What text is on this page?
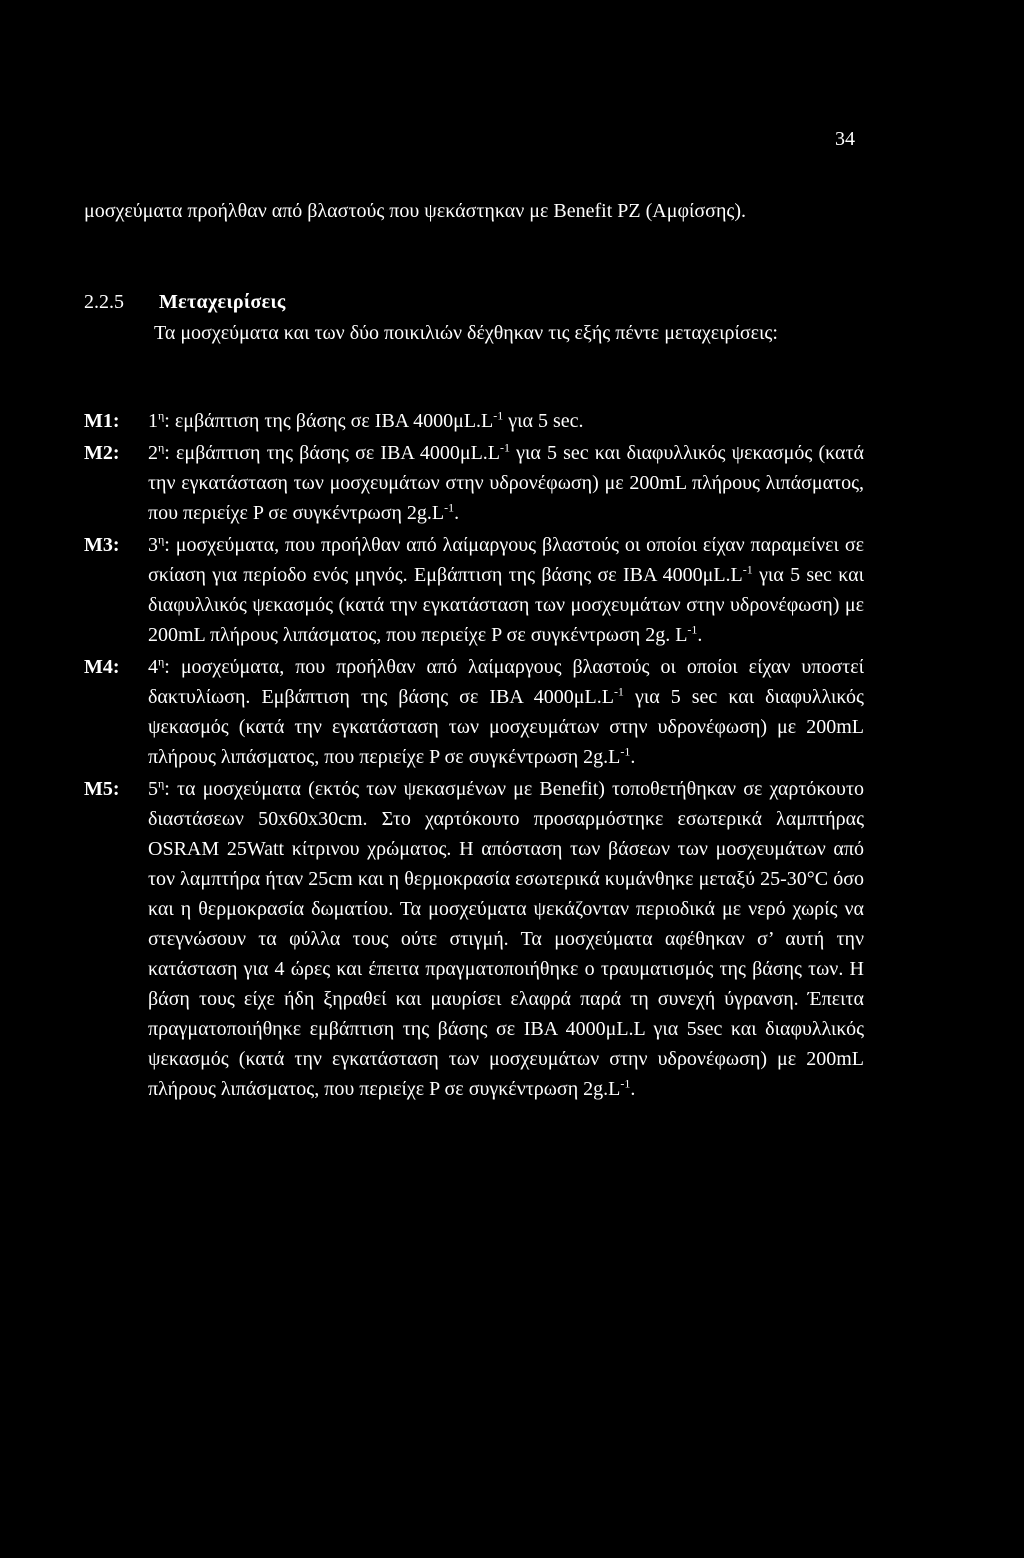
34
μοσχεύματα προήλθαν από βλαστούς που ψεκάστηκαν με Benefit PZ (Αμφίσσης).
2.2.5 Μεταχειρίσεις
Τα μοσχεύματα και των δύο ποικιλιών δέχθηκαν τις εξής πέντε μεταχειρίσεις:
Μ1:	$1^\eta$: εμβάπτιση της βάσης σε IBA $4000\mu L.L^{-1}$ για 5 sec.
Μ2:	$2^\eta$: εμβάπτιση της βάσης σε IBA $4000\mu L.L^{-1}$ για 5 sec και διαφυλλικός ψεκασμός (κατά την εγκατάσταση των μοσχευμάτων στην υδρονέφωση) με 200mL πλήρους λιπάσματος, που περιείχε P σε συγκέντρωση $2g.L^{-1}$.
Μ3:	$3^\eta$: μοσχεύματα, που προήλθαν από λαίμαργους βλαστούς οι οποίοι είχαν παραμείνει σε σκίαση για περίοδο ενός μηνός. Εμβάπτιση της βάσης σε IBA $4000\mu L.L^{-1}$ για 5 sec και διαφυλλικός ψεκασμός (κατά την εγκατάσταση των μοσχευμάτων στην υδρονέφωση) με 200mL πλήρους λιπάσματος, που περιείχε P σε συγκέντρωση 2g. $L^{-1}$.
Μ4:	$4^\eta$: μοσχεύματα, που προήλθαν από λαίμαργους βλαστούς οι οποίοι είχαν υποστεί δακτυλίωση. Εμβάπτιση της βάσης σε IBA $4000\mu L.L^{-1}$ για 5 sec και διαφυλλικός ψεκασμός (κατά την εγκατάσταση των μοσχευμάτων στην υδρονέφωση) με 200mL πλήρους λιπάσματος, που περιείχε P σε συγκέντρωση $2g.L^{-1}$.
Μ5:	$5^\eta$: τα μοσχεύματα (εκτός των ψεκασμένων με Benefit) τοποθετήθηκαν σε χαρτόκουτο διαστάσεων 50x60x30cm. Στο χαρτόκουτο προσαρμόστηκε εσωτερικά λαμπτήρας OSRAM 25Watt κίτρινου χρώματος. Η απόσταση των βάσεων των μοσχευμάτων από τον λαμπτήρα ήταν 25cm και η θερμοκρασία εσωτερικά κυμάνθηκε μεταξύ 25-30°C όσο και η θερμοκρασία δωματίου. Τα μοσχεύματα ψεκάζονταν περιοδικά με νερό χωρίς να στεγνώσουν τα φύλλα τους ούτε στιγμή. Τα μοσχεύματα αφέθηκαν σ’ αυτή την κατάσταση για 4 ώρες και έπειτα πραγματοποιήθηκε ο τραυματισμός της βάσης των. Η βάση τους είχε ήδη ξηραθεί και μαυρίσει ελαφρά παρά τη συνεχή ύγρανση. Έπειτα πραγματοποιήθηκε εμβάπτιση της βάσης σε IBA 4000μL.L για 5sec και διαφυλλικός ψεκασμός (κατά την εγκατάσταση των μοσχευμάτων στην υδρονέφωση) με 200mL πλήρους λιπάσματος, που περιείχε P σε συγκέντρωση $2g.L^{-1}$.
